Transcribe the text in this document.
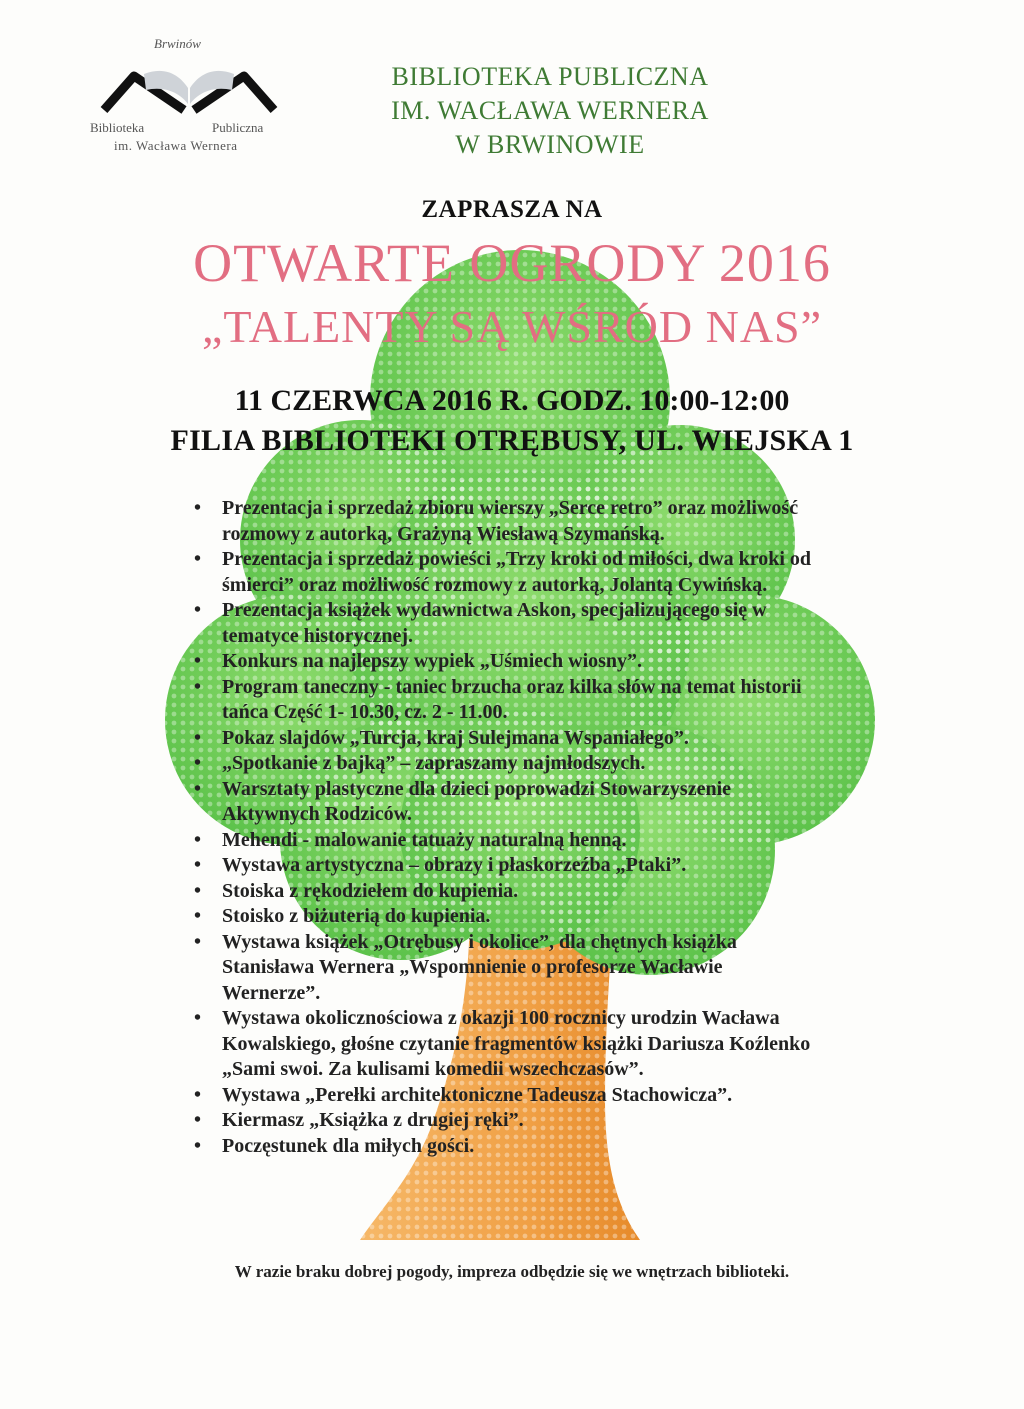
Brwinów
Biblioteka	Publiczna
im. Wacława Wernera
BIBLIOTEKA PUBLICZNA
IM. WACŁAWA WERNERA
W BRWINOWIE
ZAPRASZA NA
OTWARTE OGRODY 2016
„TALENTY SĄ WŚRÓD NAS”
11 CZERWCA 2016 R. GODZ. 10:00-12:00
FILIA BIBLIOTEKI OTRĘBUSY, UL. WIEJSKA 1
• Prezentacja i sprzedaż zbioru wierszy „Serce retro” oraz możliwość
rozmowy z autorką, Grażyną Wiesławą Szymańską.
• Prezentacja i sprzedaż powieści „Trzy kroki od miłości, dwa kroki od
śmierci” oraz możliwość rozmowy z autorką, Jolantą Cywińską.
• Prezentacja książek wydawnictwa Askon, specjalizującego się w
tematyce historycznej.
• Konkurs na najlepszy wypiek „Uśmiech wiosny”.
• Program taneczny - taniec brzucha oraz kilka słów na temat historii
tańca Część 1- 10.30, cz. 2 - 11.00.
• Pokaz slajdów „Turcja, kraj Sulejmana Wspaniałego”.
• „Spotkanie z bajką” – zapraszamy najmłodszych.
• Warsztaty plastyczne dla dzieci poprowadzi Stowarzyszenie
Aktywnych Rodziców.
• Mehendi - malowanie tatuaży naturalną henną.
• Wystawa artystyczna – obrazy i płaskorzeźba „Ptaki”.
• Stoiska z rękodziełem do kupienia.
• Stoisko z biżuterią do kupienia.
• Wystawa książek „Otrębusy i okolice”, dla chętnych książka
Stanisława Wernera „Wspomnienie o profesorze Wacławie
Wernerze”.
• Wystawa okolicznościowa z okazji 100 rocznicy urodzin Wacława
Kowalskiego, głośne czytanie fragmentów książki Dariusza Koźlenko
„Sami swoi. Za kulisami komedii wszechczasów”.
• Wystawa „Perełki architektoniczne Tadeusza Stachowicza”.
• Kiermasz „Książka z drugiej ręki”.
• Poczęstunek dla miłych gości.
W razie braku dobrej pogody, impreza odbędzie się we wnętrzach biblioteki.
